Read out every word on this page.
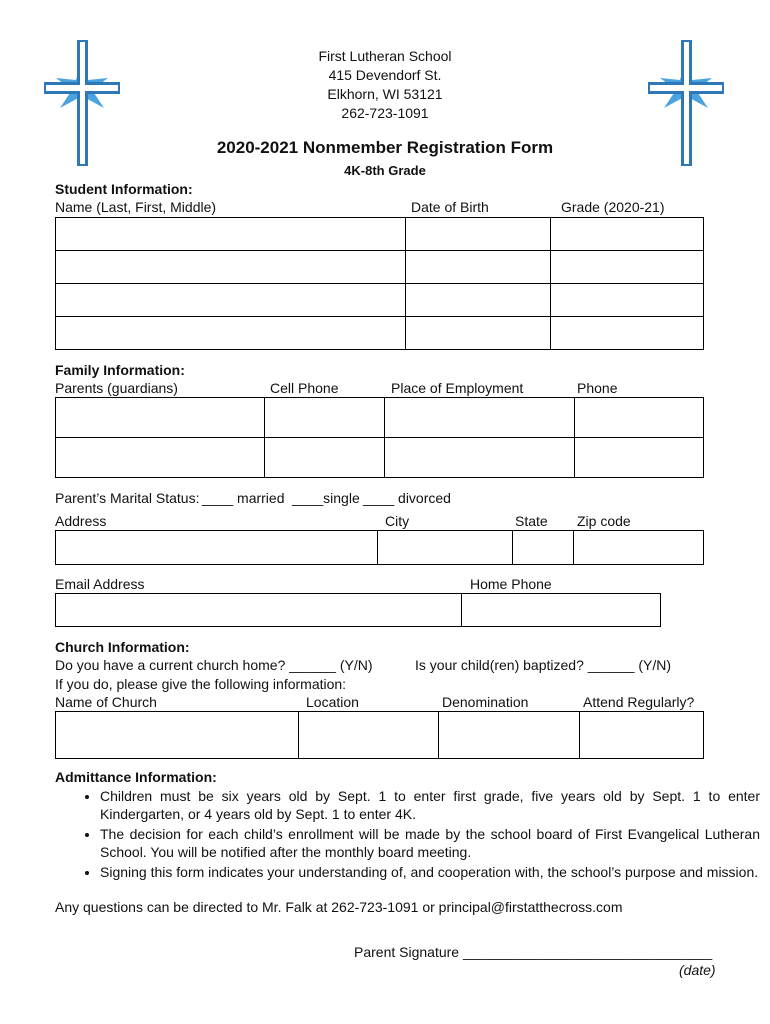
First Lutheran School
415 Devendorf St.
Elkhorn, WI 53121
262-723-1091
2020-2021 Nonmember Registration Form
4K-8th Grade
Student Information:
Name (Last, First, Middle)	Date of Birth	Grade (2020-21)

Family Information:
Parents (guardians)	Cell Phone	Place of Employment	Phone

Parent’s Marital Status: ____ married ____single ____ divorced
Address	City	State Zip code

Email Address	Home Phone

Church Information:
Do you have a current church home? ______ (Y/N)	Is your child(ren) baptized? ______ (Y/N)
If you do, please give the following information:
Name of Church	Location	Denomination	Attend Regularly?

Admittance Information:
• Children must be six years old by Sept. 1 to enter first grade, five years old by Sept. 1 to enter Kindergarten, or 4 years old by Sept. 1 to enter 4K.
• The decision for each child’s enrollment will be made by the school board of First Evangelical Lutheran School. You will be notified after the monthly board meeting.
• Signing this form indicates your understanding of, and cooperation with, the school’s purpose and mission.
Any questions can be directed to Mr. Falk at 262-723-1091 or principal@firstatthecross.com
Parent Signature ________________________________
(date)
